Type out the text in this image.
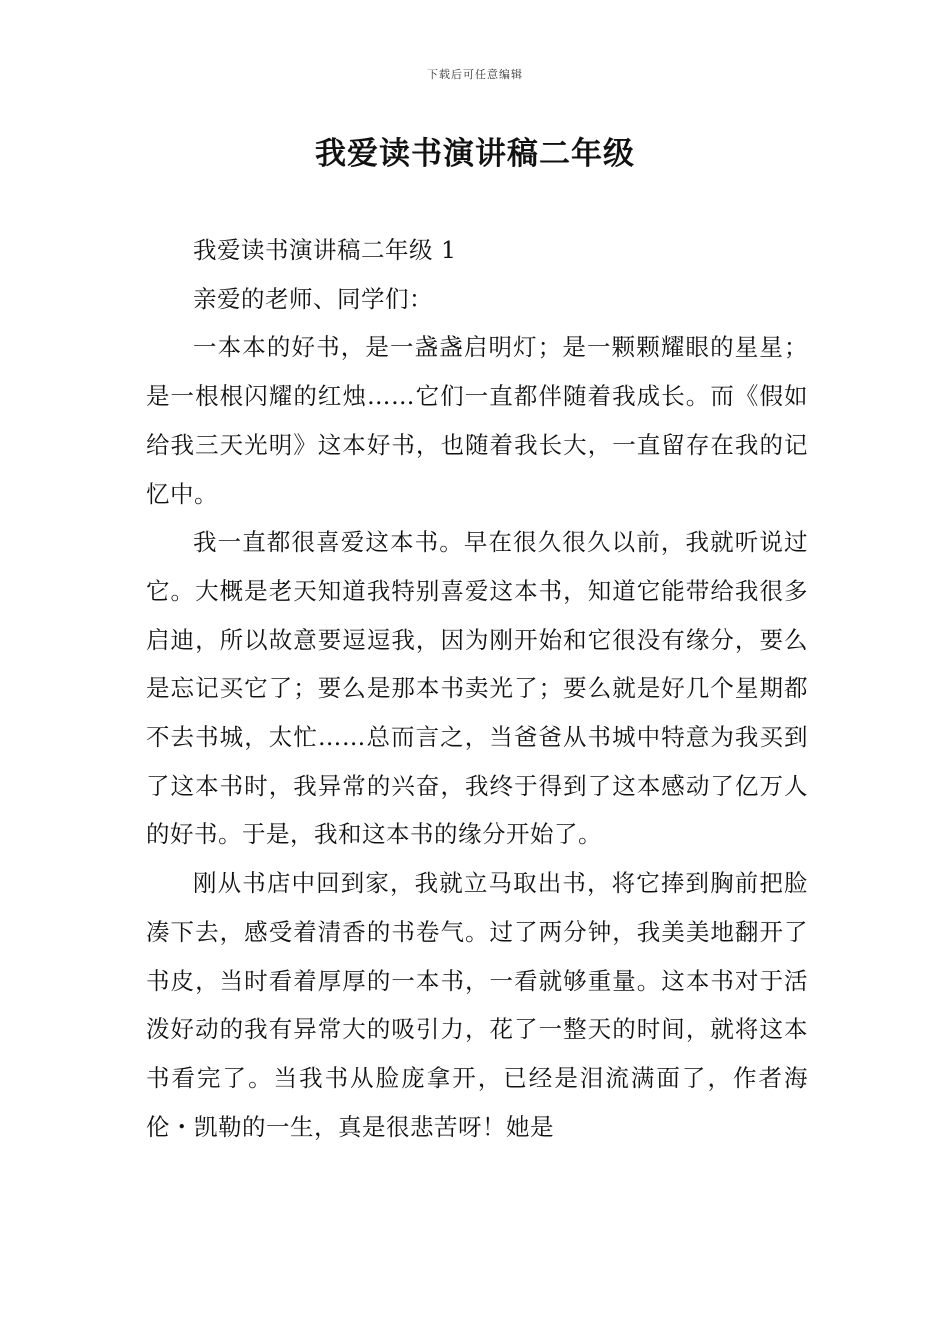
下载后可任意编辑
我爱读书演讲稿二年级

我爱读书演讲稿二年级 1

亲爱的老师、同学们：

一本本的好书，是一盏盏启明灯；是一颗颗耀眼的星星；是一根根闪耀的红烛……它们一直都伴随着我成长。而《假如给我三天光明》这本好书，也随着我长大，一直留存在我的记忆中。

我一直都很喜爱这本书。早在很久很久以前，我就听说过它。大概是老天知道我特别喜爱这本书，知道它能带给我很多启迪，所以故意要逗逗我，因为刚开始和它很没有缘分，要么是忘记买它了；要么是那本书卖光了；要么就是好几个星期都不去书城，太忙……总而言之，当爸爸从书城中特意为我买到了这本书时，我异常的兴奋，我终于得到了这本感动了亿万人的好书。于是，我和这本书的缘分开始了。

刚从书店中回到家，我就立马取出书，将它捧到胸前把脸凑下去，感受着清香的书卷气。过了两分钟，我美美地翻开了书皮，当时看着厚厚的一本书，一看就够重量。这本书对于活泼好动的我有异常大的吸引力，花了一整天的时间，就将这本书看完了。当我书从脸庞拿开，已经是泪流满面了，作者海伦・凯勒的一生，真是很悲苦呀！她是
